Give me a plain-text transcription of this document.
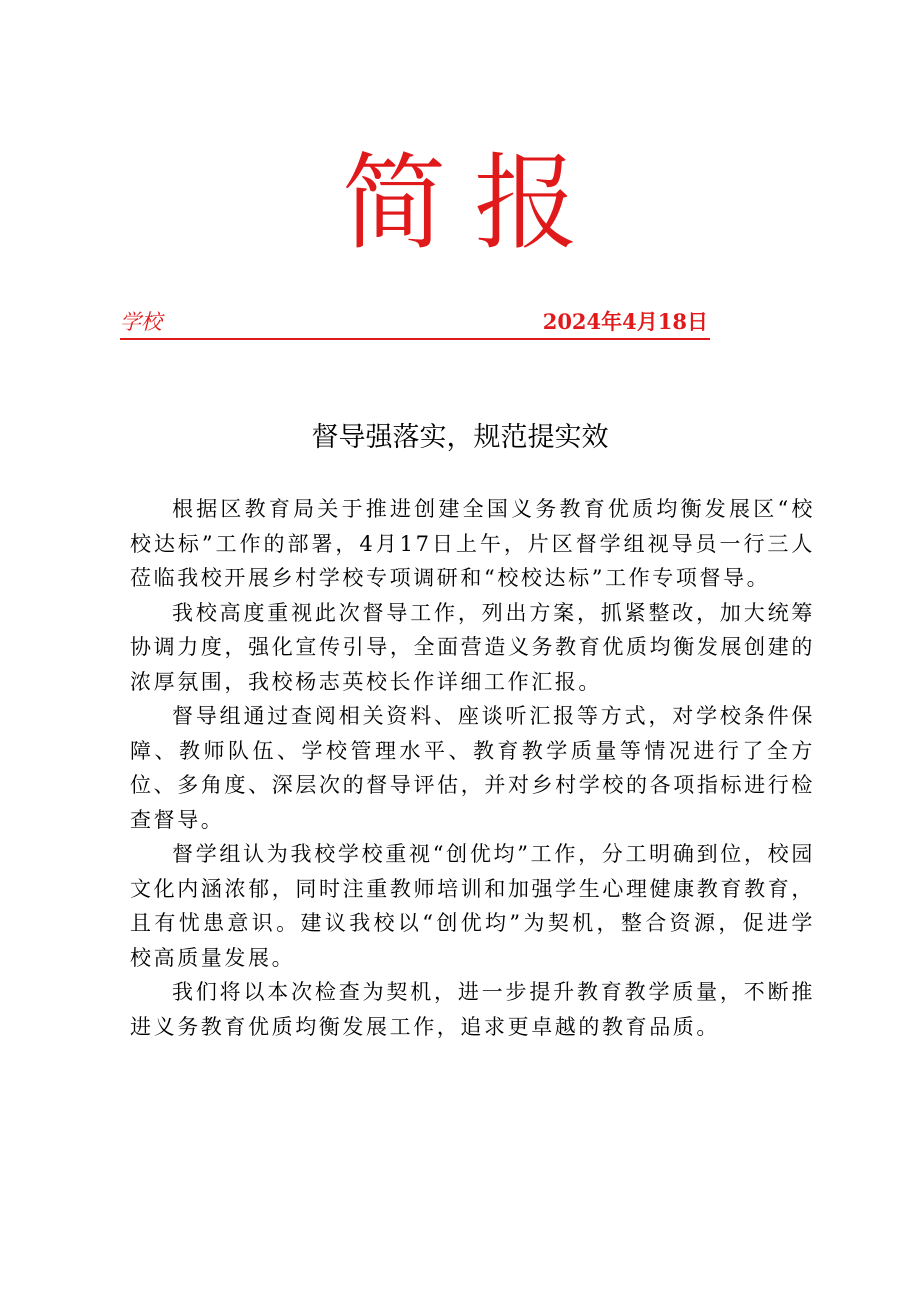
简报
学校	2024年4月18日
督导强落实，规范提实效

根据区教育局关于推进创建全国义务教育优质均衡发展区“校校达标”工作的部署，4月17日上午，片区督学组视导员一行三人莅临我校开展乡村学校专项调研和“校校达标”工作专项督导。

我校高度重视此次督导工作，列出方案，抓紧整改，加大统筹协调力度，强化宣传引导，全面营造义务教育优质均衡发展创建的浓厚氛围，我校杨志英校长作详细工作汇报。

督导组通过查阅相关资料、座谈听汇报等方式，对学校条件保障、教师队伍、学校管理水平、教育教学质量等情况进行了全方位、多角度、深层次的督导评估，并对乡村学校的各项指标进行检查督导。

督学组认为我校学校重视“创优均”工作，分工明确到位，校园文化内涵浓郁，同时注重教师培训和加强学生心理健康教育教育，且有忧患意识。建议我校以“创优均”为契机，整合资源，促进学校高质量发展。

我们将以本次检查为契机，进一步提升教育教学质量，不断推进义务教育优质均衡发展工作，追求更卓越的教育品质。
